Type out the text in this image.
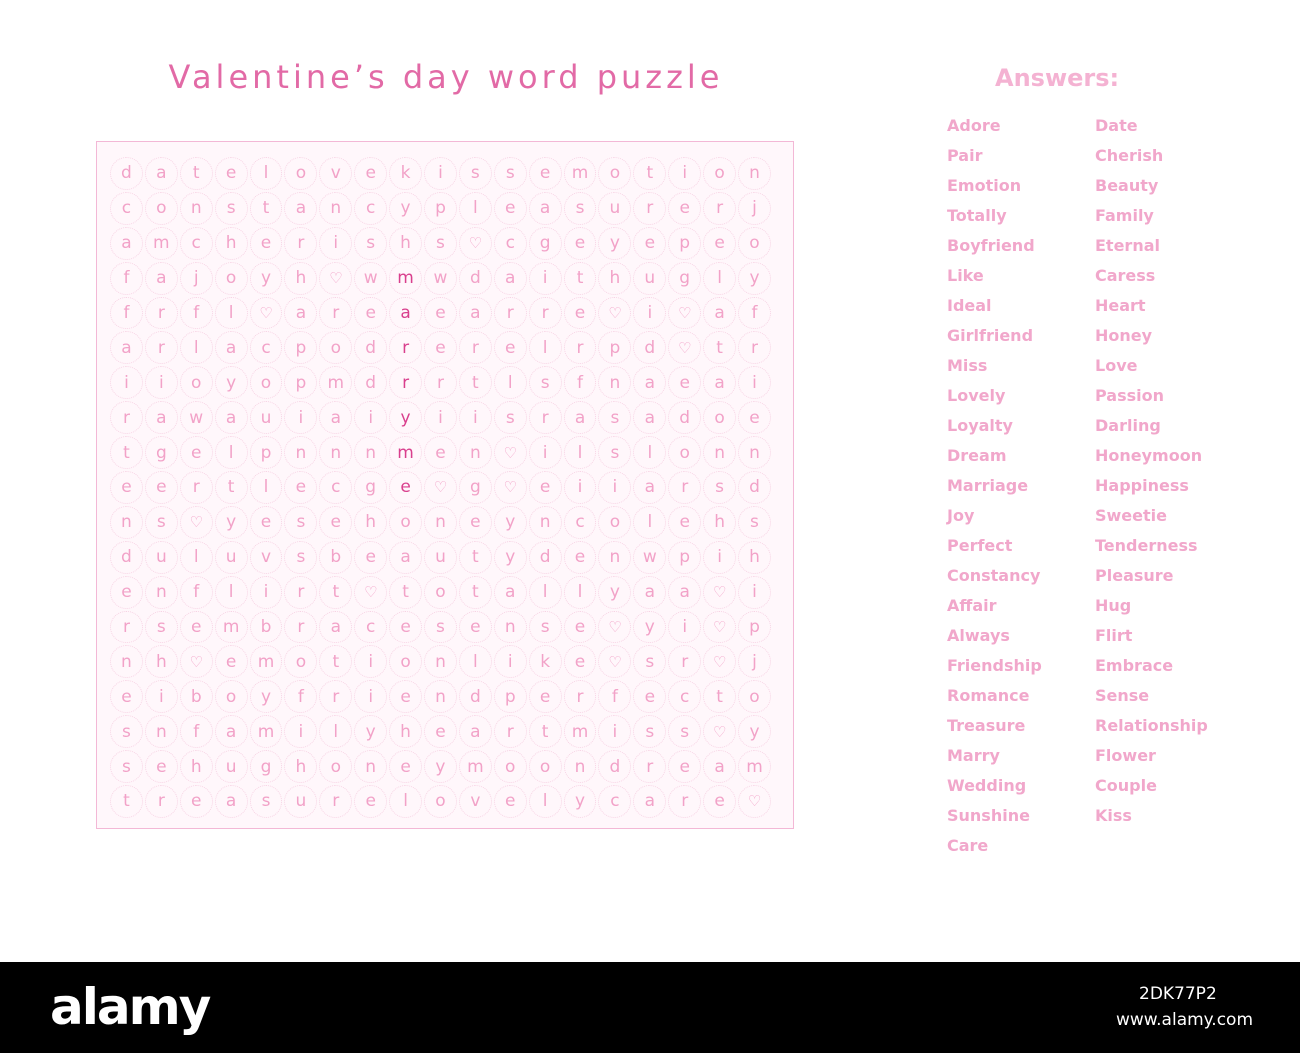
Valentine’s day word puzzle
d	a	t	e	l	o	v	e	k	i	s	s	e	m	o	t	i	o	n
c	o	n	s	t	a	n	c	y	p	l	e	a	s	u	r	e	r	j
a	m	c	h	e	r	i	s	h	s	♡	c	g	e	y	e	p	e	o
f	a	j	o	y	h	♡	w	m	w	d	a	i	t	h	u	g	l	y
f	r	f	l	♡	a	r	e	a	e	a	r	r	e	♡	i	♡	a	f
a	r	l	a	c	p	o	d	r	e	r	e	l	r	p	d	♡	t	r
i	i	o	y	o	p	m	d	r	r	t	l	s	f	n	a	e	a	i
r	a	w	a	u	i	a	i	y	i	i	s	r	a	s	a	d	o	e
t	g	e	l	p	n	n	n	m	e	n	♡	i	l	s	l	o	n	n
e	e	r	t	l	e	c	g	e	♡	g	♡	e	i	i	a	r	s	d
n	s	♡	y	e	s	e	h	o	n	e	y	n	c	o	l	e	h	s
d	u	l	u	v	s	b	e	a	u	t	y	d	e	n	w	p	i	h
e	n	f	l	i	r	t	♡	t	o	t	a	l	l	y	a	a	♡	i
r	s	e	m	b	r	a	c	e	s	e	n	s	e	♡	y	i	♡	p
n	h	♡	e	m	o	t	i	o	n	l	i	k	e	♡	s	r	♡	j
e	i	b	o	y	f	r	i	e	n	d	p	e	r	f	e	c	t	o
s	n	f	a	m	i	l	y	h	e	a	r	t	m	i	s	s	♡	y
s	e	h	u	g	h	o	n	e	y	m	o	o	n	d	r	e	a	m
t	r	e	a	s	u	r	e	l	o	v	e	l	y	c	a	r	e	♡
Answers:
Adore
Pair
Emotion
Totally
Boyfriend
Like
Ideal
Girlfriend
Miss
Lovely
Loyalty
Dream
Marriage
Joy
Perfect
Constancy
Affair
Always
Friendship
Romance
Treasure
Marry
Wedding
Sunshine
Care
Date
Cherish
Beauty
Family
Eternal
Caress
Heart
Honey
Love
Passion
Darling
Honeymoon
Happiness
Sweetie
Tenderness
Pleasure
Hug
Flirt
Embrace
Sense
Relationship
Flower
Couple
Kiss
alamy	2DK77P2
www.alamy.com
